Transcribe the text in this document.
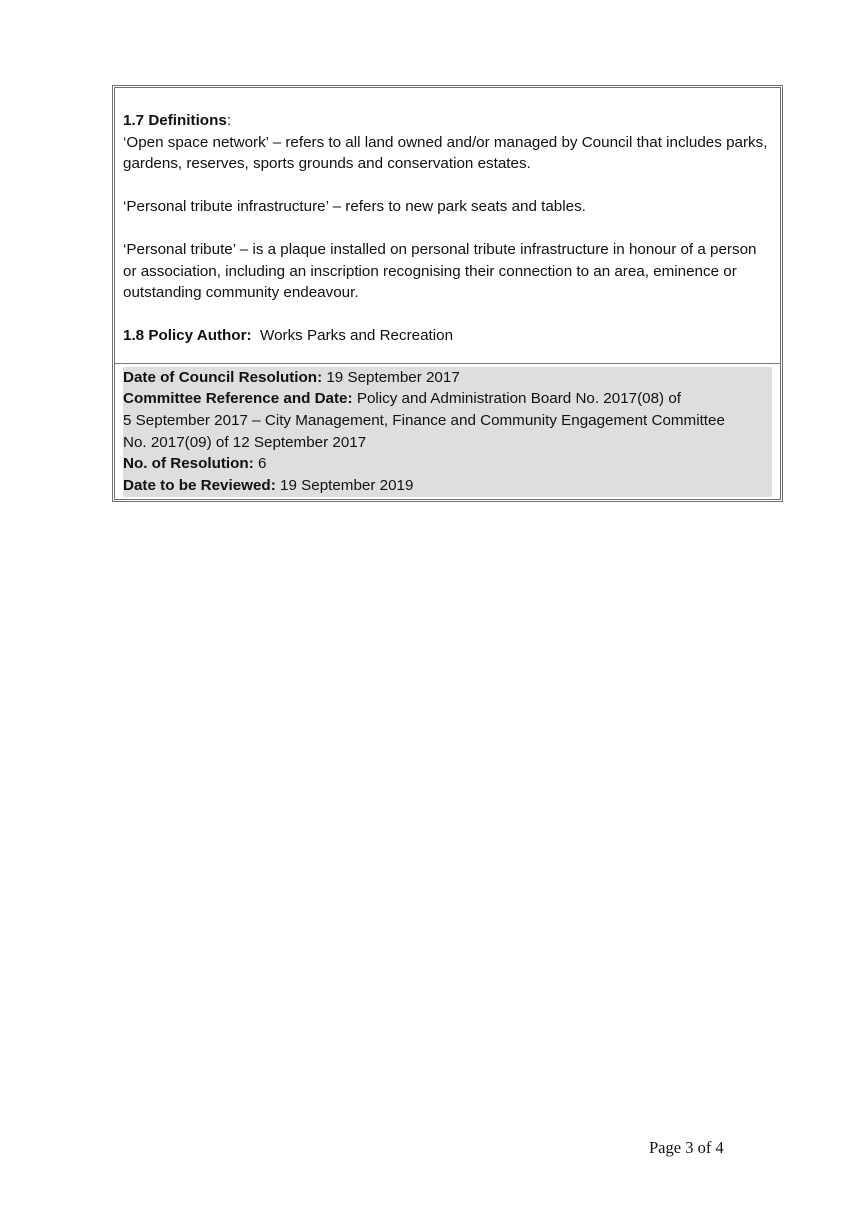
1.7 Definitions:
‘Open space network’ – refers to all land owned and/or managed by Council that includes parks, gardens, reserves, sports grounds and conservation estates.

‘Personal tribute infrastructure’ – refers to new park seats and tables.

‘Personal tribute’ – is a plaque installed on personal tribute infrastructure in honour of a person or association, including an inscription recognising their connection to an area, eminence or outstanding community endeavour.

1.8 Policy Author: Works Parks and Recreation

Date of Council Resolution: 19 September 2017
Committee Reference and Date: Policy and Administration Board No. 2017(08) of
5 September 2017 – City Management, Finance and Community Engagement Committee
No. 2017(09) of 12 September 2017
No. of Resolution: 6
Date to be Reviewed: 19 September 2019
Page 3 of 4
